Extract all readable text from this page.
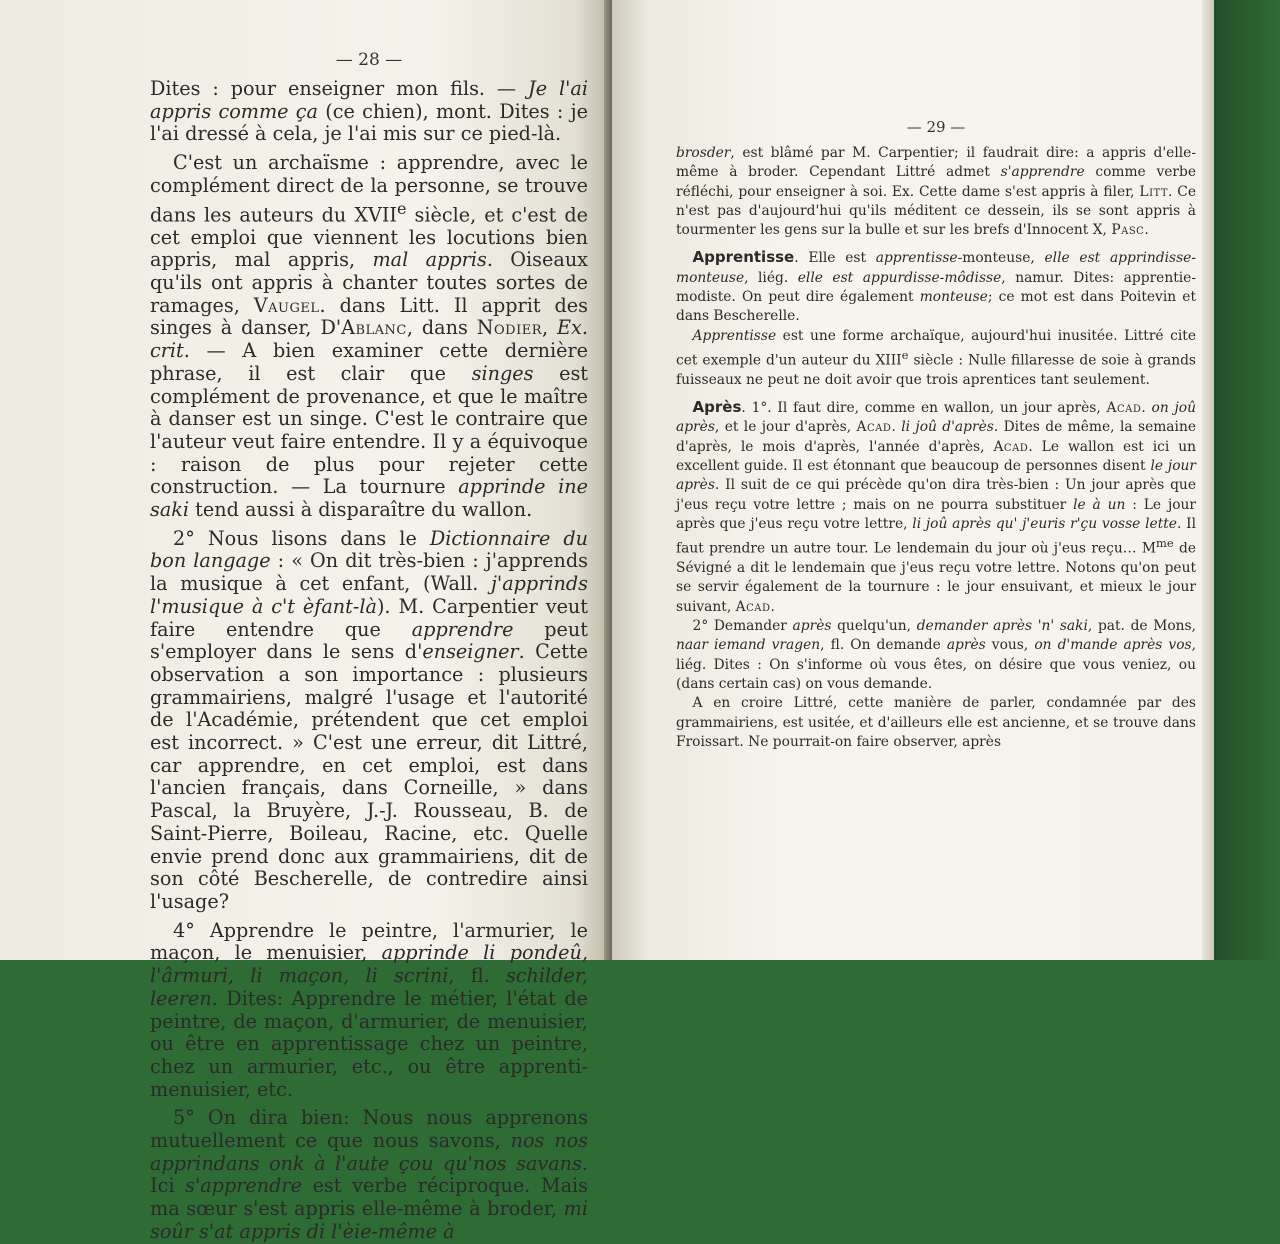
— 28 —

Dites : pour enseigner mon fils. — Je l'ai appris comme ça (ce chien), mont. Dites : je l'ai dressé à cela, je l'ai mis sur ce pied-là.

C'est un archaïsme : apprendre, avec le complément direct de la personne, se trouve dans les auteurs du XVIIe siècle, et c'est de cet emploi que viennent les locutions bien appris, mal appris, mal appris. Oiseaux qu'ils ont appris à chanter toutes sortes de ramages, Vaugel. dans Litt. Il apprit des singes à danser, D'Ablanc, dans Nodier, Ex. crit. — A bien examiner cette dernière phrase, il est clair que singes est complément de provenance, et que le maître à danser est un singe. C'est le contraire que l'auteur veut faire entendre. Il y a équivoque : raison de plus pour rejeter cette construction. — La tournure apprinde ine saki tend aussi à disparaître du wallon.

2° Nous lisons dans le Dictionnaire du bon langage : « On dit très-bien : j'apprends la musique à cet enfant, (Wall. j'apprinds l'musique à c't èfant-là). M. Carpentier veut faire entendre que apprendre peut s'employer dans le sens d'enseigner. Cette observation a son importance : plusieurs grammairiens, malgré l'usage et l'autorité de l'Académie, prétendent que cet emploi est incorrect. » C'est une erreur, dit Littré, car apprendre, en cet emploi, est dans l'ancien français, dans Corneille, » dans Pascal, la Bruyère, J.-J. Rousseau, B. de Saint-Pierre, Boileau, Racine, etc. Quelle envie prend donc aux grammairiens, dit de son côté Bescherelle, de contredire ainsi l'usage?

4° Apprendre le peintre, l'armurier, le maçon, le menuisier, apprinde li pondeû, l'ârmuri, li maçon, li scrini, fl. schilder, leeren. Dites: Apprendre le métier, l'état de peintre, de maçon, d'armurier, de menuisier, ou être en apprentissage chez un peintre, chez un armurier, etc., ou être apprenti-menuisier, etc.

5° On dira bien: Nous nous apprenons mutuellement ce que nous savons, nos nos apprindans onk à l'aute çou qu'nos savans. Ici s'apprendre est verbe réciproque. Mais ma sœur s'est appris elle-même à broder, mi soûr s'at appris di l'èie-même à

— 29 —

brosder, est blâmé par M. Carpentier; il faudrait dire: a appris d'elle-même à broder. Cependant Littré admet s'apprendre comme verbe réfléchi, pour enseigner à soi. Ex. Cette dame s'est appris à filer, Litt. Ce n'est pas d'aujourd'hui qu'ils méditent ce dessein, ils se sont appris à tourmenter les gens sur la bulle et sur les brefs d'Innocent X, Pasc.

Apprentisse. Elle est apprentisse-monteuse, elle est apprindisse-monteuse, liég. elle est appurdisse-môdisse, namur. Dites: apprentie-modiste. On peut dire également monteuse; ce mot est dans Poitevin et dans Bescherelle.

Apprentisse est une forme archaïque, aujourd'hui inusitée. Littré cite cet exemple d'un auteur du XIIIe siècle : Nulle fillaresse de soie à grands fuisseaux ne peut ne doit avoir que trois aprentices tant seulement.

Après. 1°. Il faut dire, comme en wallon, un jour après, Acad. on joû après, et le jour d'après, Acad. li joû d'après. Dites de même, la semaine d'après, le mois d'après, l'année d'après, Acad. Le wallon est ici un excellent guide. Il est étonnant que beaucoup de personnes disent le jour après. Il suit de ce qui précède qu'on dira très-bien : Un jour après que j'eus reçu votre lettre ; mais on ne pourra substituer le à un : Le jour après que j'eus reçu votre lettre, li joû après qu' j'euris r'çu vosse lette. Il faut prendre un autre tour. Le lendemain du jour où j'eus reçu… $M^{me}$ de Sévigné a dit le lendemain que j'eus reçu votre lettre. Notons qu'on peut se servir également de la tournure : le jour ensuivant, et mieux le jour suivant, Acad.

2° Demander après quelqu'un, demander après 'n' saki, pat. de Mons, naar iemand vragen, fl. On demande après vous, on d'mande après vos, liég. Dites : On s'informe où vous êtes, on désire que vous veniez, ou (dans certain cas) on vous demande.

A en croire Littré, cette manière de parler, condamnée par des grammairiens, est usitée, et d'ailleurs elle est ancienne, et se trouve dans Froissart. Ne pourrait-on faire observer, après
